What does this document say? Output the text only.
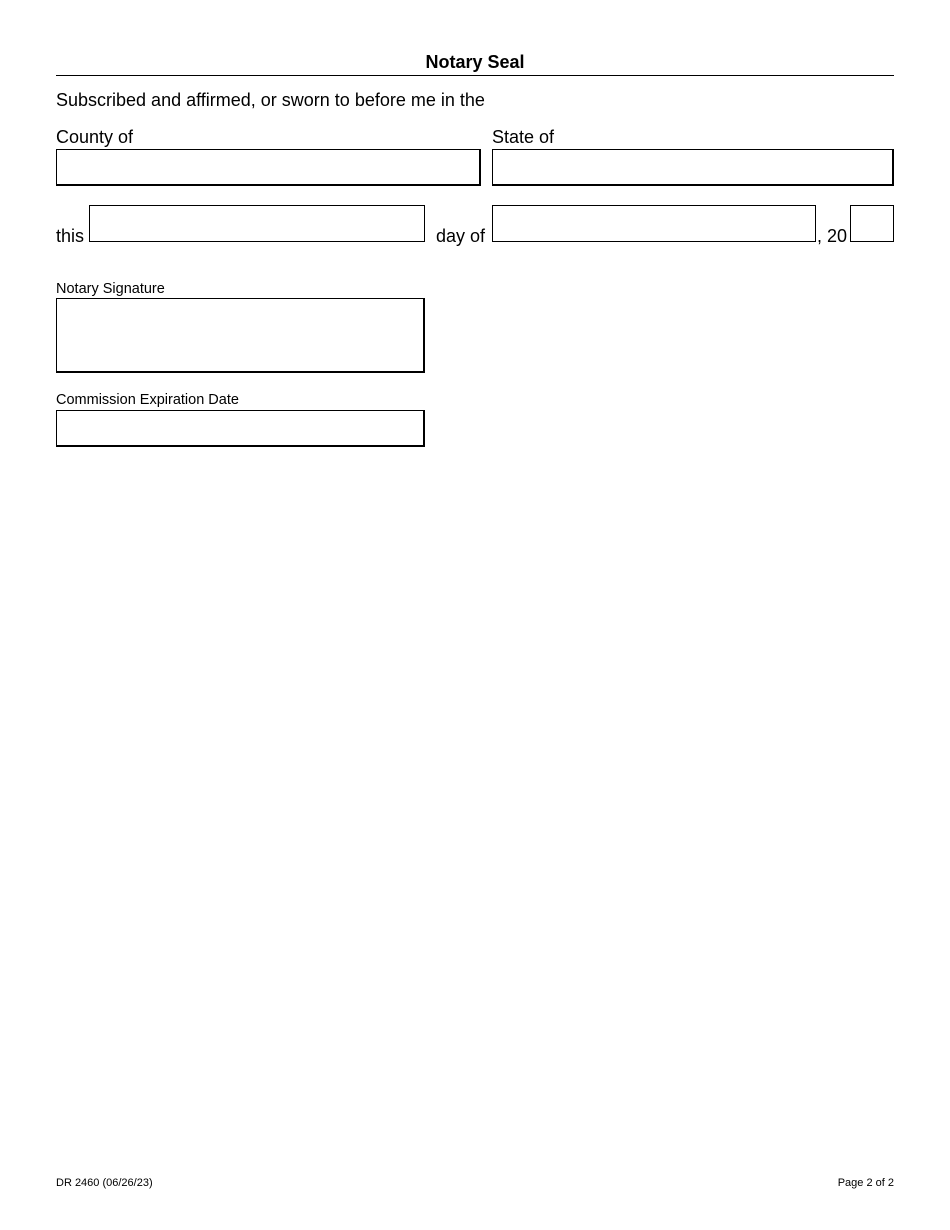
Notary Seal
Subscribed and affirmed, or sworn to before me in the
County of	State of
this	day of	, 20
Notary Signature
Commission Expiration Date
DR 2460 (06/26/23)	Page 2 of 2
